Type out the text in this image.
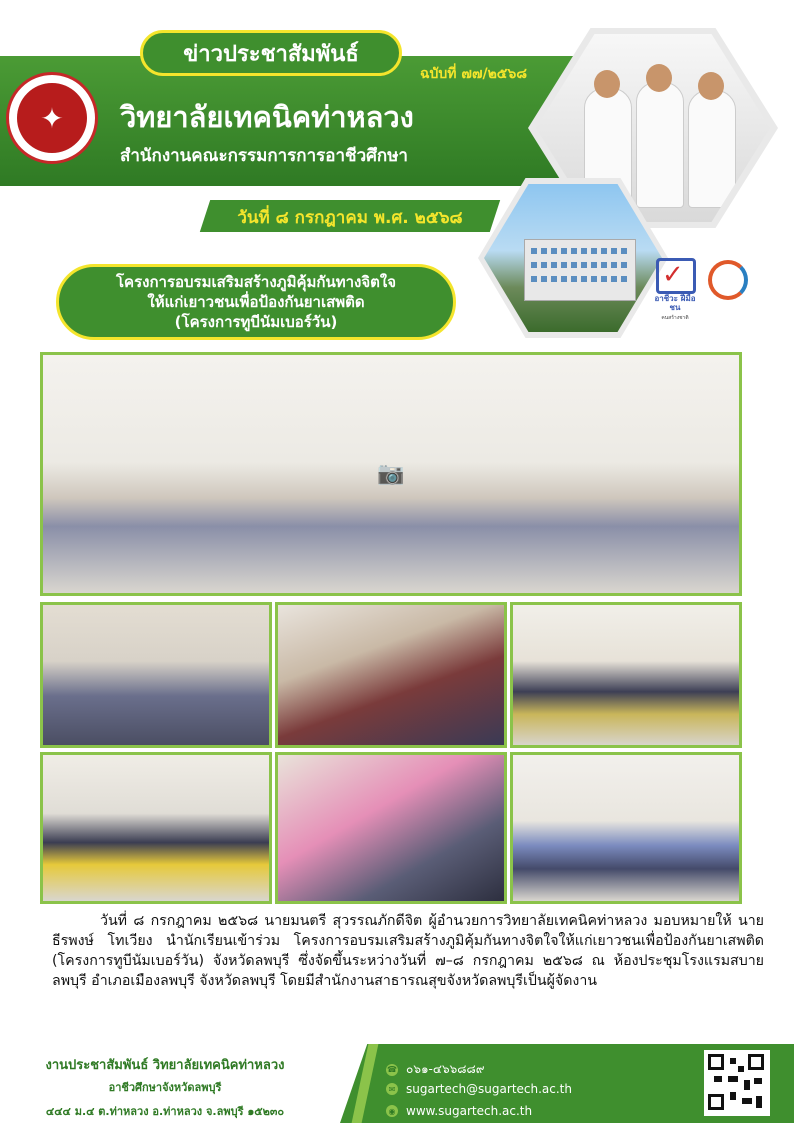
✦
ข่าวประชาสัมพันธ์
ฉบับที่ ๗๗/๒๕๖๘
วิทยาลัยเทคนิคท่าหลวง
สำนักงานคณะกรรมการการอาชีวศึกษา
วันที่ ๘ กรกฎาคม พ.ศ. ๒๕๖๘
✓
อาชีวะ ฝีมือชน
คนสร้างชาติ
โครงการอบรมเสริมสร้างภูมิคุ้มกันทางจิตใจ
ให้แก่เยาวชนเพื่อป้องกันยาเสพติด
(โครงการทูบีนัมเบอร์วัน)
📷
วันที่ ๘ กรกฎาคม ๒๕๖๘ นายมนตรี สุวรรณภักดีจิต ผู้อำนวยการวิทยาลัยเทคนิคท่าหลวง มอบหมายให้ นายธีรพงษ์ โทเวียง นำนักเรียนเข้าร่วม โครงการอบรมเสริมสร้างภูมิคุ้มกันทางจิตใจให้แก่เยาวชนเพื่อป้องกันยาเสพติด (โครงการทูบีนัมเบอร์วัน) จังหวัดลพบุรี ซึ่งจัดขึ้นระหว่างวันที่ ๗–๘ กรกฎาคม ๒๕๖๘ ณ ห้องประชุมโรงแรมสบายลพบุรี อำเภอเมืองลพบุรี จังหวัดลพบุรี โดยมีสำนักงานสาธารณสุขจังหวัดลพบุรีเป็นผู้จัดงาน
งานประชาสัมพันธ์ วิทยาลัยเทคนิคท่าหลวง
อาชีวศึกษาจังหวัดลพบุรี
๔๔๔ ม.๔ ต.ท่าหลวง อ.ท่าหลวง จ.ลพบุรี ๑๕๒๓๐
☎ ๐๖๑-๔๖๖๘๘๙
✉ sugartech@sugartech.ac.th
◉ www.sugartech.ac.th
